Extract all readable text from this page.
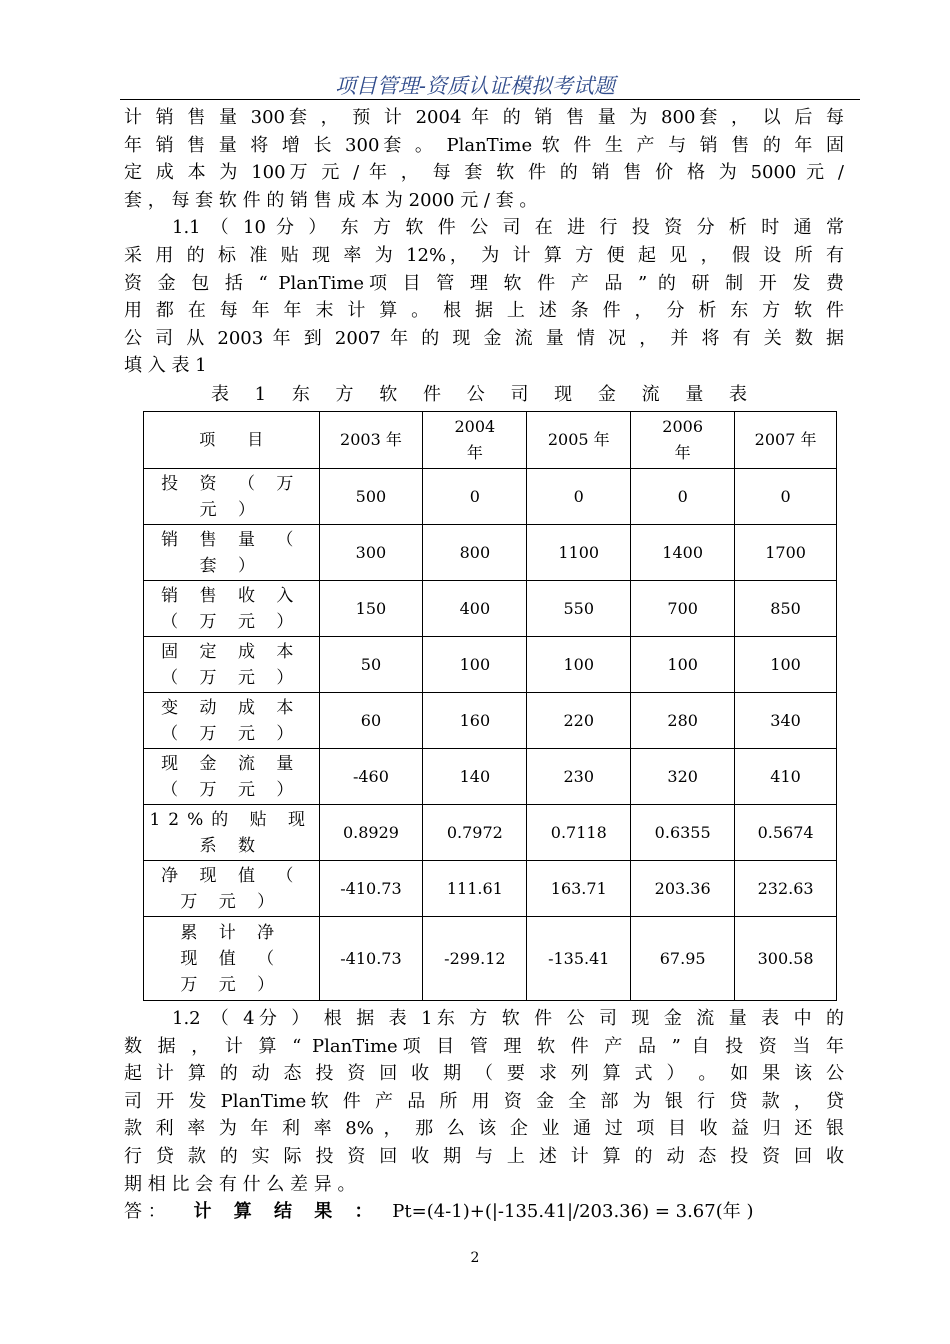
项目管理-资质认证模拟考试题

计 销 售 量 300套 ， 预 计 2004 年 的 销 售 量 为 800套 ， 以 后 每

年 销 售 量 将 增 长 300套 。 PlanTime 软 件 生 产 与 销 售 的 年 固

定 成 本 为 100万 元 / 年 ， 每 套 软 件 的 销 售 价 格 为 5000 元 /

套 ， 每 套 软 件 的 销 售 成 本 为 2000 元 / 套 。

1.1 （ 10 分 ） 东 方 软 件 公 司 在 进 行 投 资 分 析 时 通 常

采 用 的 标 准 贴 现 率 为 12%， 为 计 算 方 便 起 见 ， 假 设 所 有

资 金 包 括 “ PlanTime项 目 管 理 软 件 产 品 ” 的 研 制 开 发 费

用 都 在 每 年 年 末 计 算 。 根 据 上 述 条 件 ， 分 析 东 方 软 件

公 司 从 2003 年 到 2007 年 的 现 金 流 量 情 况 ， 并 将 有 关 数 据

填 入 表 1

表 1 东 方 软 件 公 司 现 金 流 量 表

项　　目	2003 年	2004 年	2005 年	2006 年	2007 年
投 资 （ 万 元 ）	500	0	0	0	0
销 售 量 （ 套 ）	300	800	1100	1400	1700
销 售 收 入 （ 万 元 ）	150	400	550	700	850
固 定 成 本 （ 万 元 ）	50	100	100	100	100
变 动 成 本 （ 万 元 ）	60	160	220	280	340
现 金 流 量 （ 万 元 ）	-460	140	230	320	410
12%的 贴 现 系 数	0.8929	0.7972	0.7118	0.6355	0.5674
净 现 值 （ 万 元 ）	-410.73	111.61	163.71	203.36	232.63
累 计 净 现 值 （ 万 元 ）	-410.73	-299.12	-135.41	67.95	300.58

1.2 （ 4分 ） 根 据 表 1东 方 软 件 公 司 现 金 流 量 表 中 的

数 据 ， 计 算 “ PlanTime项 目 管 理 软 件 产 品 ” 自 投 资 当 年

起 计 算 的 动 态 投 资 回 收 期 （ 要 求 列 算 式 ） 。 如 果 该 公

司 开 发 PlanTime软 件 产 品 所 用 资 金 全 部 为 银 行 贷 款 ， 贷

款 利 率 为 年 利 率 8% ， 那 么 该 企 业 通 过 项 目 收 益 归 还 银

行 贷 款 的 实 际 投 资 回 收 期 与 上 述 计 算 的 动 态 投 资 回 收

期 相 比 会 有 什 么 差 异 。

答 ： 计 算 结 果 ： Pt=(4-1)+(|-135.41|/203.36) = 3.67(年 )

2
